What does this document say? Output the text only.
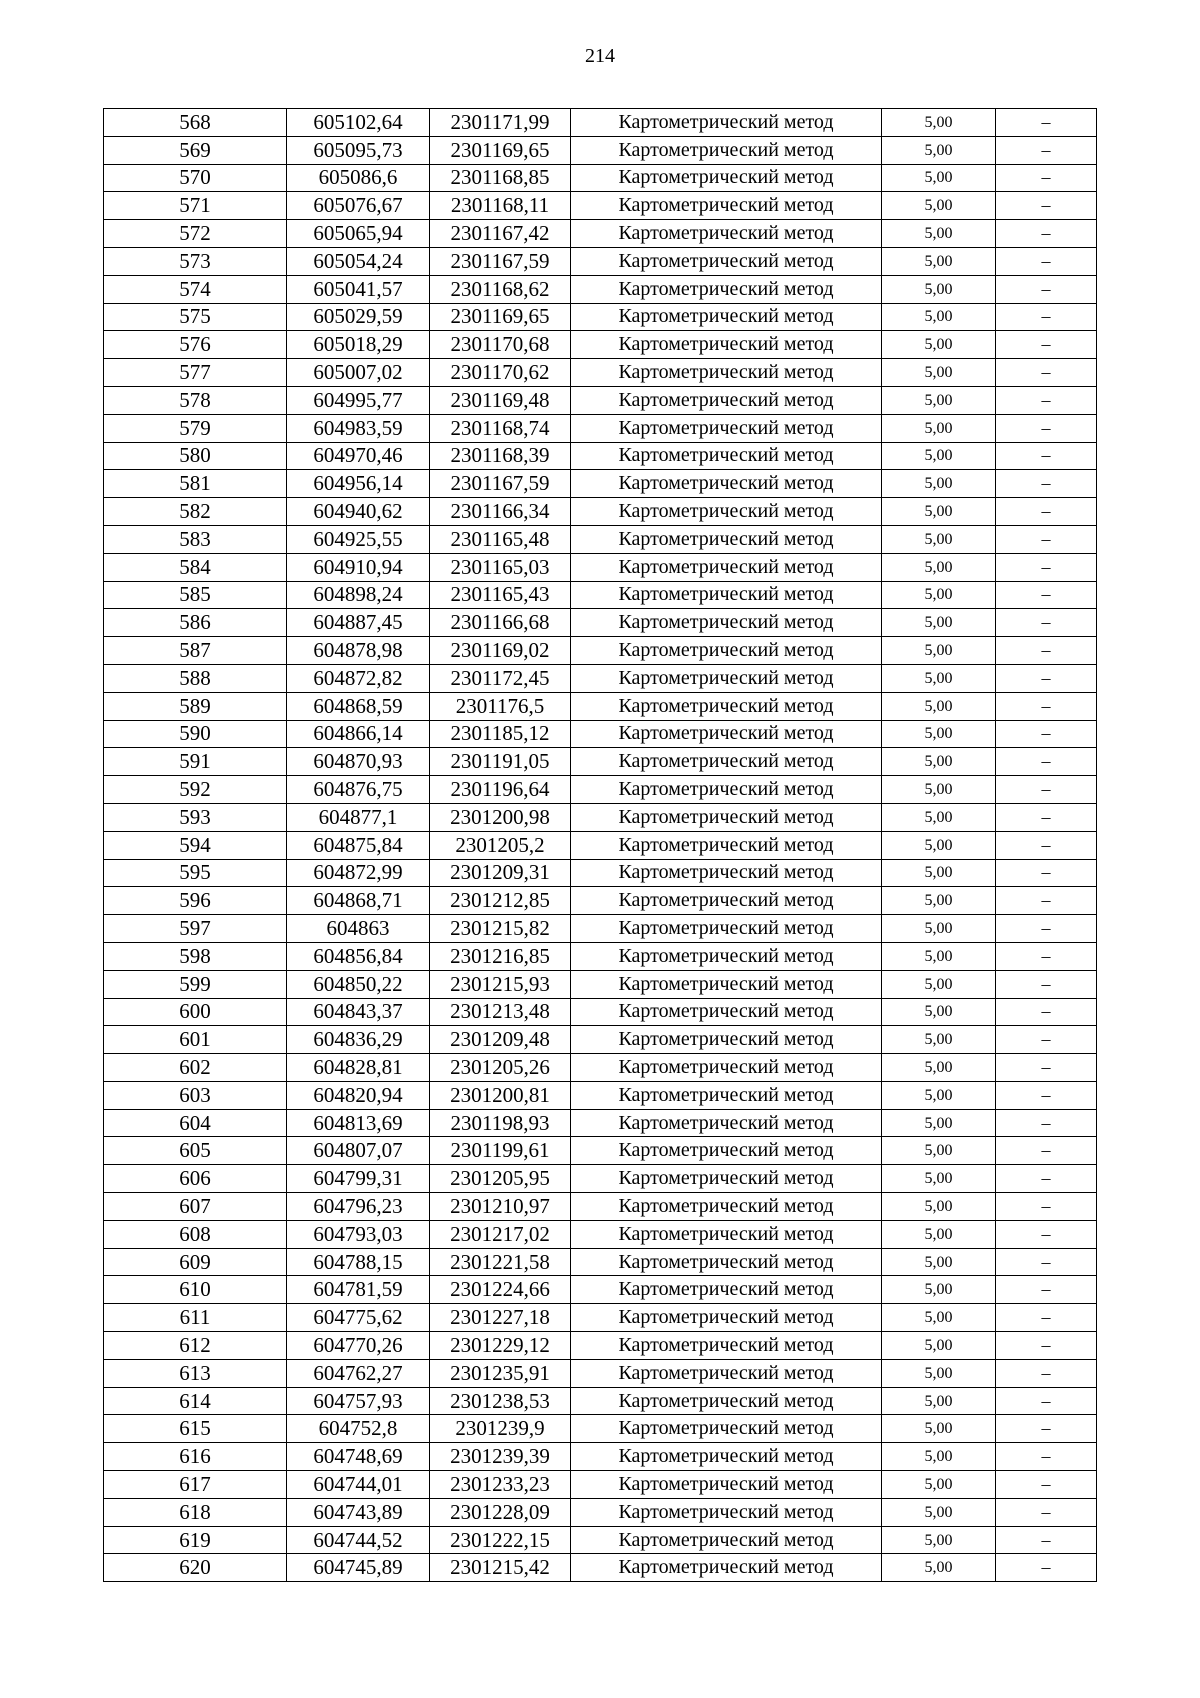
214
568	605102,64	2301171,99	Картометрический метод	5,00	–
569	605095,73	2301169,65	Картометрический метод	5,00	–
570	605086,6	2301168,85	Картометрический метод	5,00	–
571	605076,67	2301168,11	Картометрический метод	5,00	–
572	605065,94	2301167,42	Картометрический метод	5,00	–
573	605054,24	2301167,59	Картометрический метод	5,00	–
574	605041,57	2301168,62	Картометрический метод	5,00	–
575	605029,59	2301169,65	Картометрический метод	5,00	–
576	605018,29	2301170,68	Картометрический метод	5,00	–
577	605007,02	2301170,62	Картометрический метод	5,00	–
578	604995,77	2301169,48	Картометрический метод	5,00	–
579	604983,59	2301168,74	Картометрический метод	5,00	–
580	604970,46	2301168,39	Картометрический метод	5,00	–
581	604956,14	2301167,59	Картометрический метод	5,00	–
582	604940,62	2301166,34	Картометрический метод	5,00	–
583	604925,55	2301165,48	Картометрический метод	5,00	–
584	604910,94	2301165,03	Картометрический метод	5,00	–
585	604898,24	2301165,43	Картометрический метод	5,00	–
586	604887,45	2301166,68	Картометрический метод	5,00	–
587	604878,98	2301169,02	Картометрический метод	5,00	–
588	604872,82	2301172,45	Картометрический метод	5,00	–
589	604868,59	2301176,5	Картометрический метод	5,00	–
590	604866,14	2301185,12	Картометрический метод	5,00	–
591	604870,93	2301191,05	Картометрический метод	5,00	–
592	604876,75	2301196,64	Картометрический метод	5,00	–
593	604877,1	2301200,98	Картометрический метод	5,00	–
594	604875,84	2301205,2	Картометрический метод	5,00	–
595	604872,99	2301209,31	Картометрический метод	5,00	–
596	604868,71	2301212,85	Картометрический метод	5,00	–
597	604863	2301215,82	Картометрический метод	5,00	–
598	604856,84	2301216,85	Картометрический метод	5,00	–
599	604850,22	2301215,93	Картометрический метод	5,00	–
600	604843,37	2301213,48	Картометрический метод	5,00	–
601	604836,29	2301209,48	Картометрический метод	5,00	–
602	604828,81	2301205,26	Картометрический метод	5,00	–
603	604820,94	2301200,81	Картометрический метод	5,00	–
604	604813,69	2301198,93	Картометрический метод	5,00	–
605	604807,07	2301199,61	Картометрический метод	5,00	–
606	604799,31	2301205,95	Картометрический метод	5,00	–
607	604796,23	2301210,97	Картометрический метод	5,00	–
608	604793,03	2301217,02	Картометрический метод	5,00	–
609	604788,15	2301221,58	Картометрический метод	5,00	–
610	604781,59	2301224,66	Картометрический метод	5,00	–
611	604775,62	2301227,18	Картометрический метод	5,00	–
612	604770,26	2301229,12	Картометрический метод	5,00	–
613	604762,27	2301235,91	Картометрический метод	5,00	–
614	604757,93	2301238,53	Картометрический метод	5,00	–
615	604752,8	2301239,9	Картометрический метод	5,00	–
616	604748,69	2301239,39	Картометрический метод	5,00	–
617	604744,01	2301233,23	Картометрический метод	5,00	–
618	604743,89	2301228,09	Картометрический метод	5,00	–
619	604744,52	2301222,15	Картометрический метод	5,00	–
620	604745,89	2301215,42	Картометрический метод	5,00	–
